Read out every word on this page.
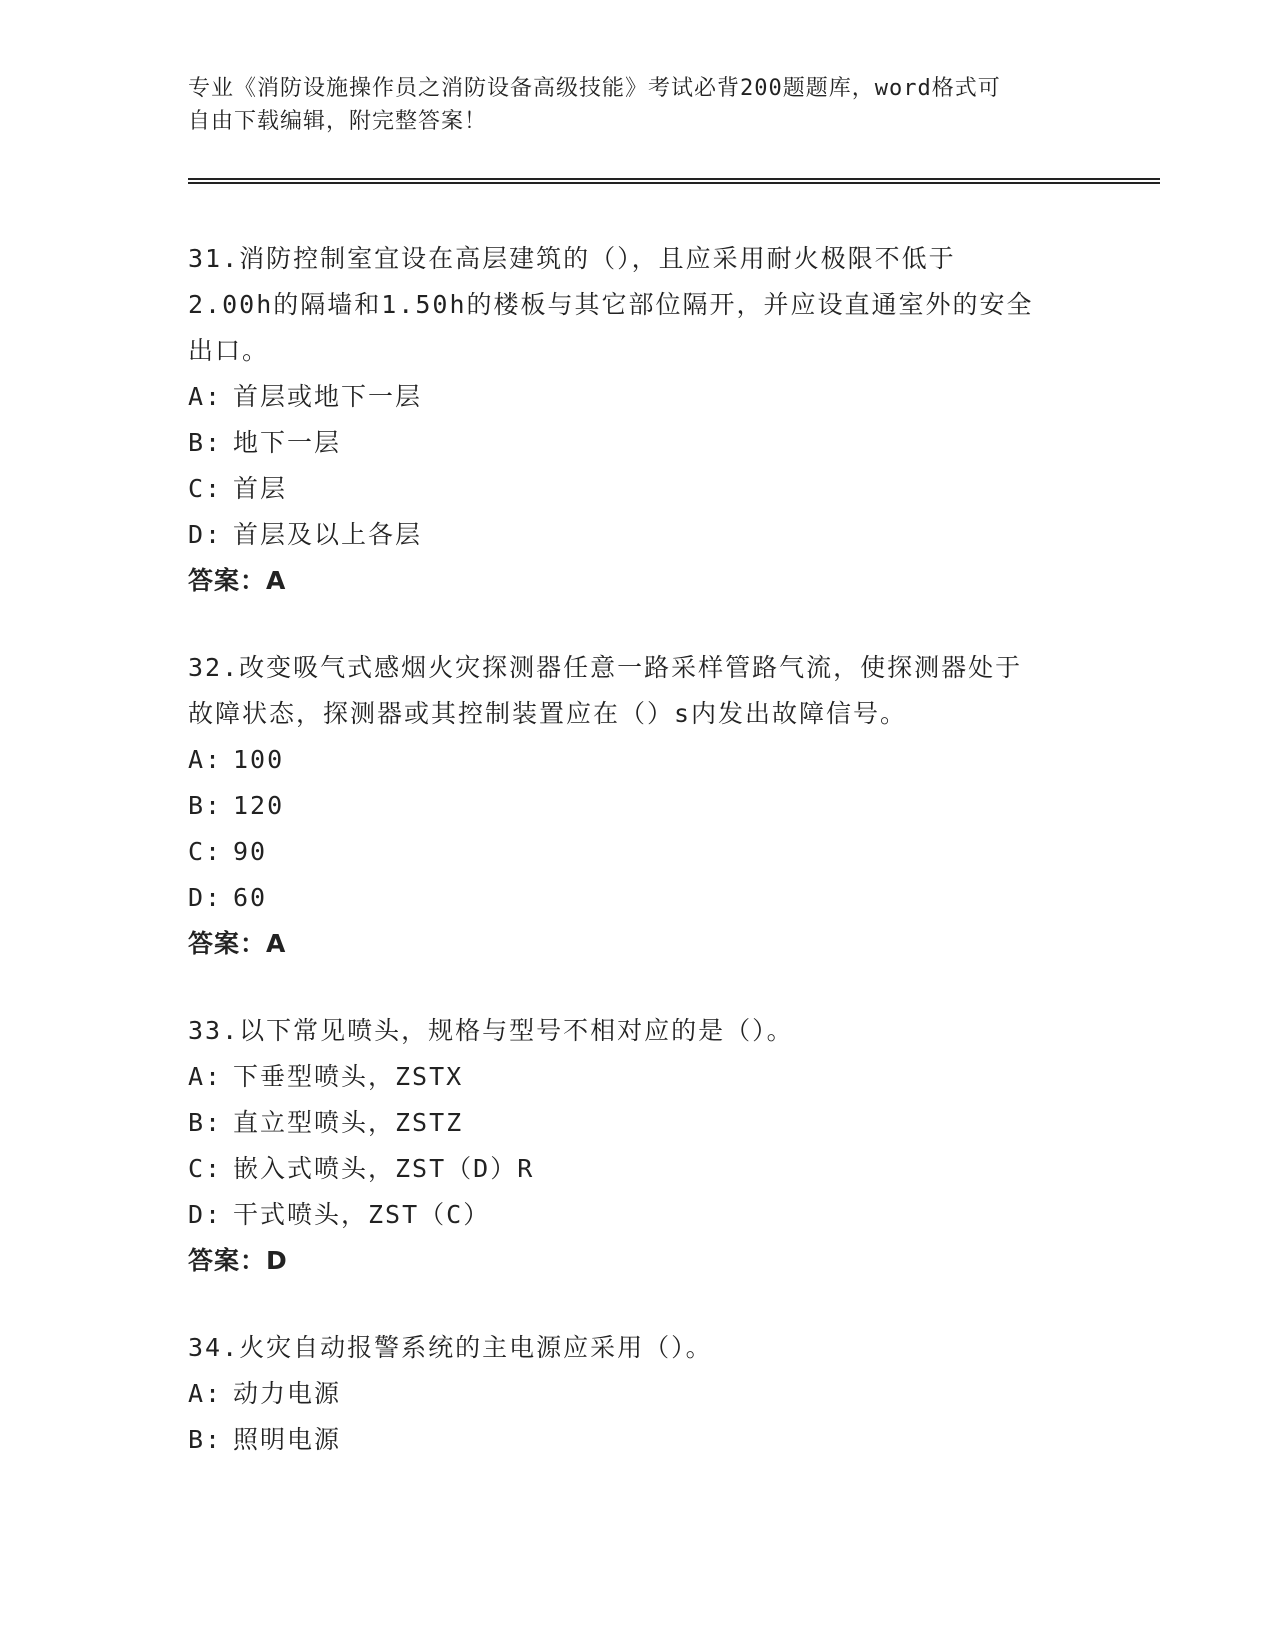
专业《消防设施操作员之消防设备高级技能》考试必背200题题库，word格式可
自由下载编辑，附完整答案！
31.消防控制室宜设在高层建筑的（），且应采用耐火极限不低于
2.00h的隔墙和1.50h的楼板与其它部位隔开，并应设直通室外的安全
出口。
A: 首层或地下一层
B: 地下一层
C: 首层
D: 首层及以上各层
答案：A
32.改变吸气式感烟火灾探测器任意一路采样管路气流，使探测器处于
故障状态，探测器或其控制装置应在（）s内发出故障信号。
A: 100
B: 120
C: 90
D: 60
答案：A
33.以下常见喷头，规格与型号不相对应的是（）。
A: 下垂型喷头，ZSTX
B: 直立型喷头，ZSTZ
C: 嵌入式喷头，ZST（D）R
D: 干式喷头，ZST（C）
答案：D
34.火灾自动报警系统的主电源应采用（）。
A: 动力电源
B: 照明电源
